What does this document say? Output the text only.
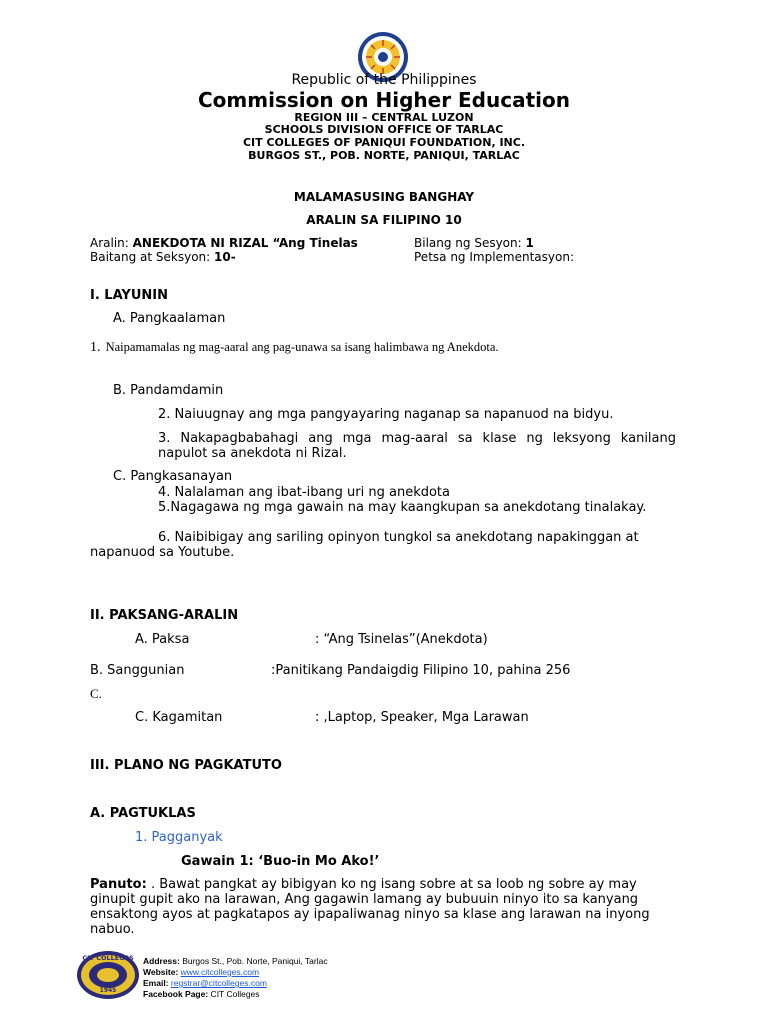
Republic of the Philippines
Commission on Higher Education
REGION III – CENTRAL LUZON
SCHOOLS DIVISION OFFICE OF TARLAC
CIT COLLEGES OF PANIQUI FOUNDATION, INC.
BURGOS ST., POB. NORTE, PANIQUI, TARLAC
MALAMASUSING BANGHAY
ARALIN SA FILIPINO 10
Aralin: ANEKDOTA NI RIZAL “Ang Tinelas
Baitang at Seksyon: 10-
Bilang ng Sesyon: 1
Petsa ng Implementasyon:
I. LAYUNIN
A. Pangkaalaman
1. Naipamamalas ng mag-aaral ang pag-unawa sa isang halimbawa ng Anekdota.
B. Pandamdamin
2. Naiuugnay ang mga pangyayaring naganap sa napanuod na bidyu.
3. Nakapagbabahagi ang mga mag-aaral sa klase ng leksyong kanilang napulot sa anekdota ni Rizal.
C. Pangkasanayan
4. Nalalaman ang ibat-ibang uri ng anekdota
5.Nagagawa ng mga gawain na may kaangkupan sa anekdotang tinalakay.
6. Naibibigay ang sariling opinyon tungkol sa anekdotang napakinggan at
napanuod sa Youtube.
II. PAKSANG-ARALIN
A. Paksa	: “Ang Tsinelas”(Anekdota)
B. Sanggunian	:Panitikang Pandaigdig Filipino 10, pahina 256
C.
C. Kagamitan	: ,Laptop, Speaker, Mga Larawan
III. PLANO NG PAGKATUTO
A. PAGTUKLAS
1. Pagganyak
Gawain 1: ‘Buo-in Mo Ako!’
Panuto: . Bawat pangkat ay bibigyan ko ng isang sobre at sa loob ng sobre ay may ginupit gupit ako na larawan, Ang gagawin lamang ay bubuuin ninyo ito sa kanyang ensaktong ayos at pagkatapos ay ipapaliwanag ninyo sa klase ang larawan na inyong nabuo.
CIT COLLEGES
1945
Address: Burgos St., Pob. Norte, Paniqui, Tarlac
Website: www.citcolleges.com
Email: regstrar@citcolleges.com
Facebook Page: CIT Colleges
